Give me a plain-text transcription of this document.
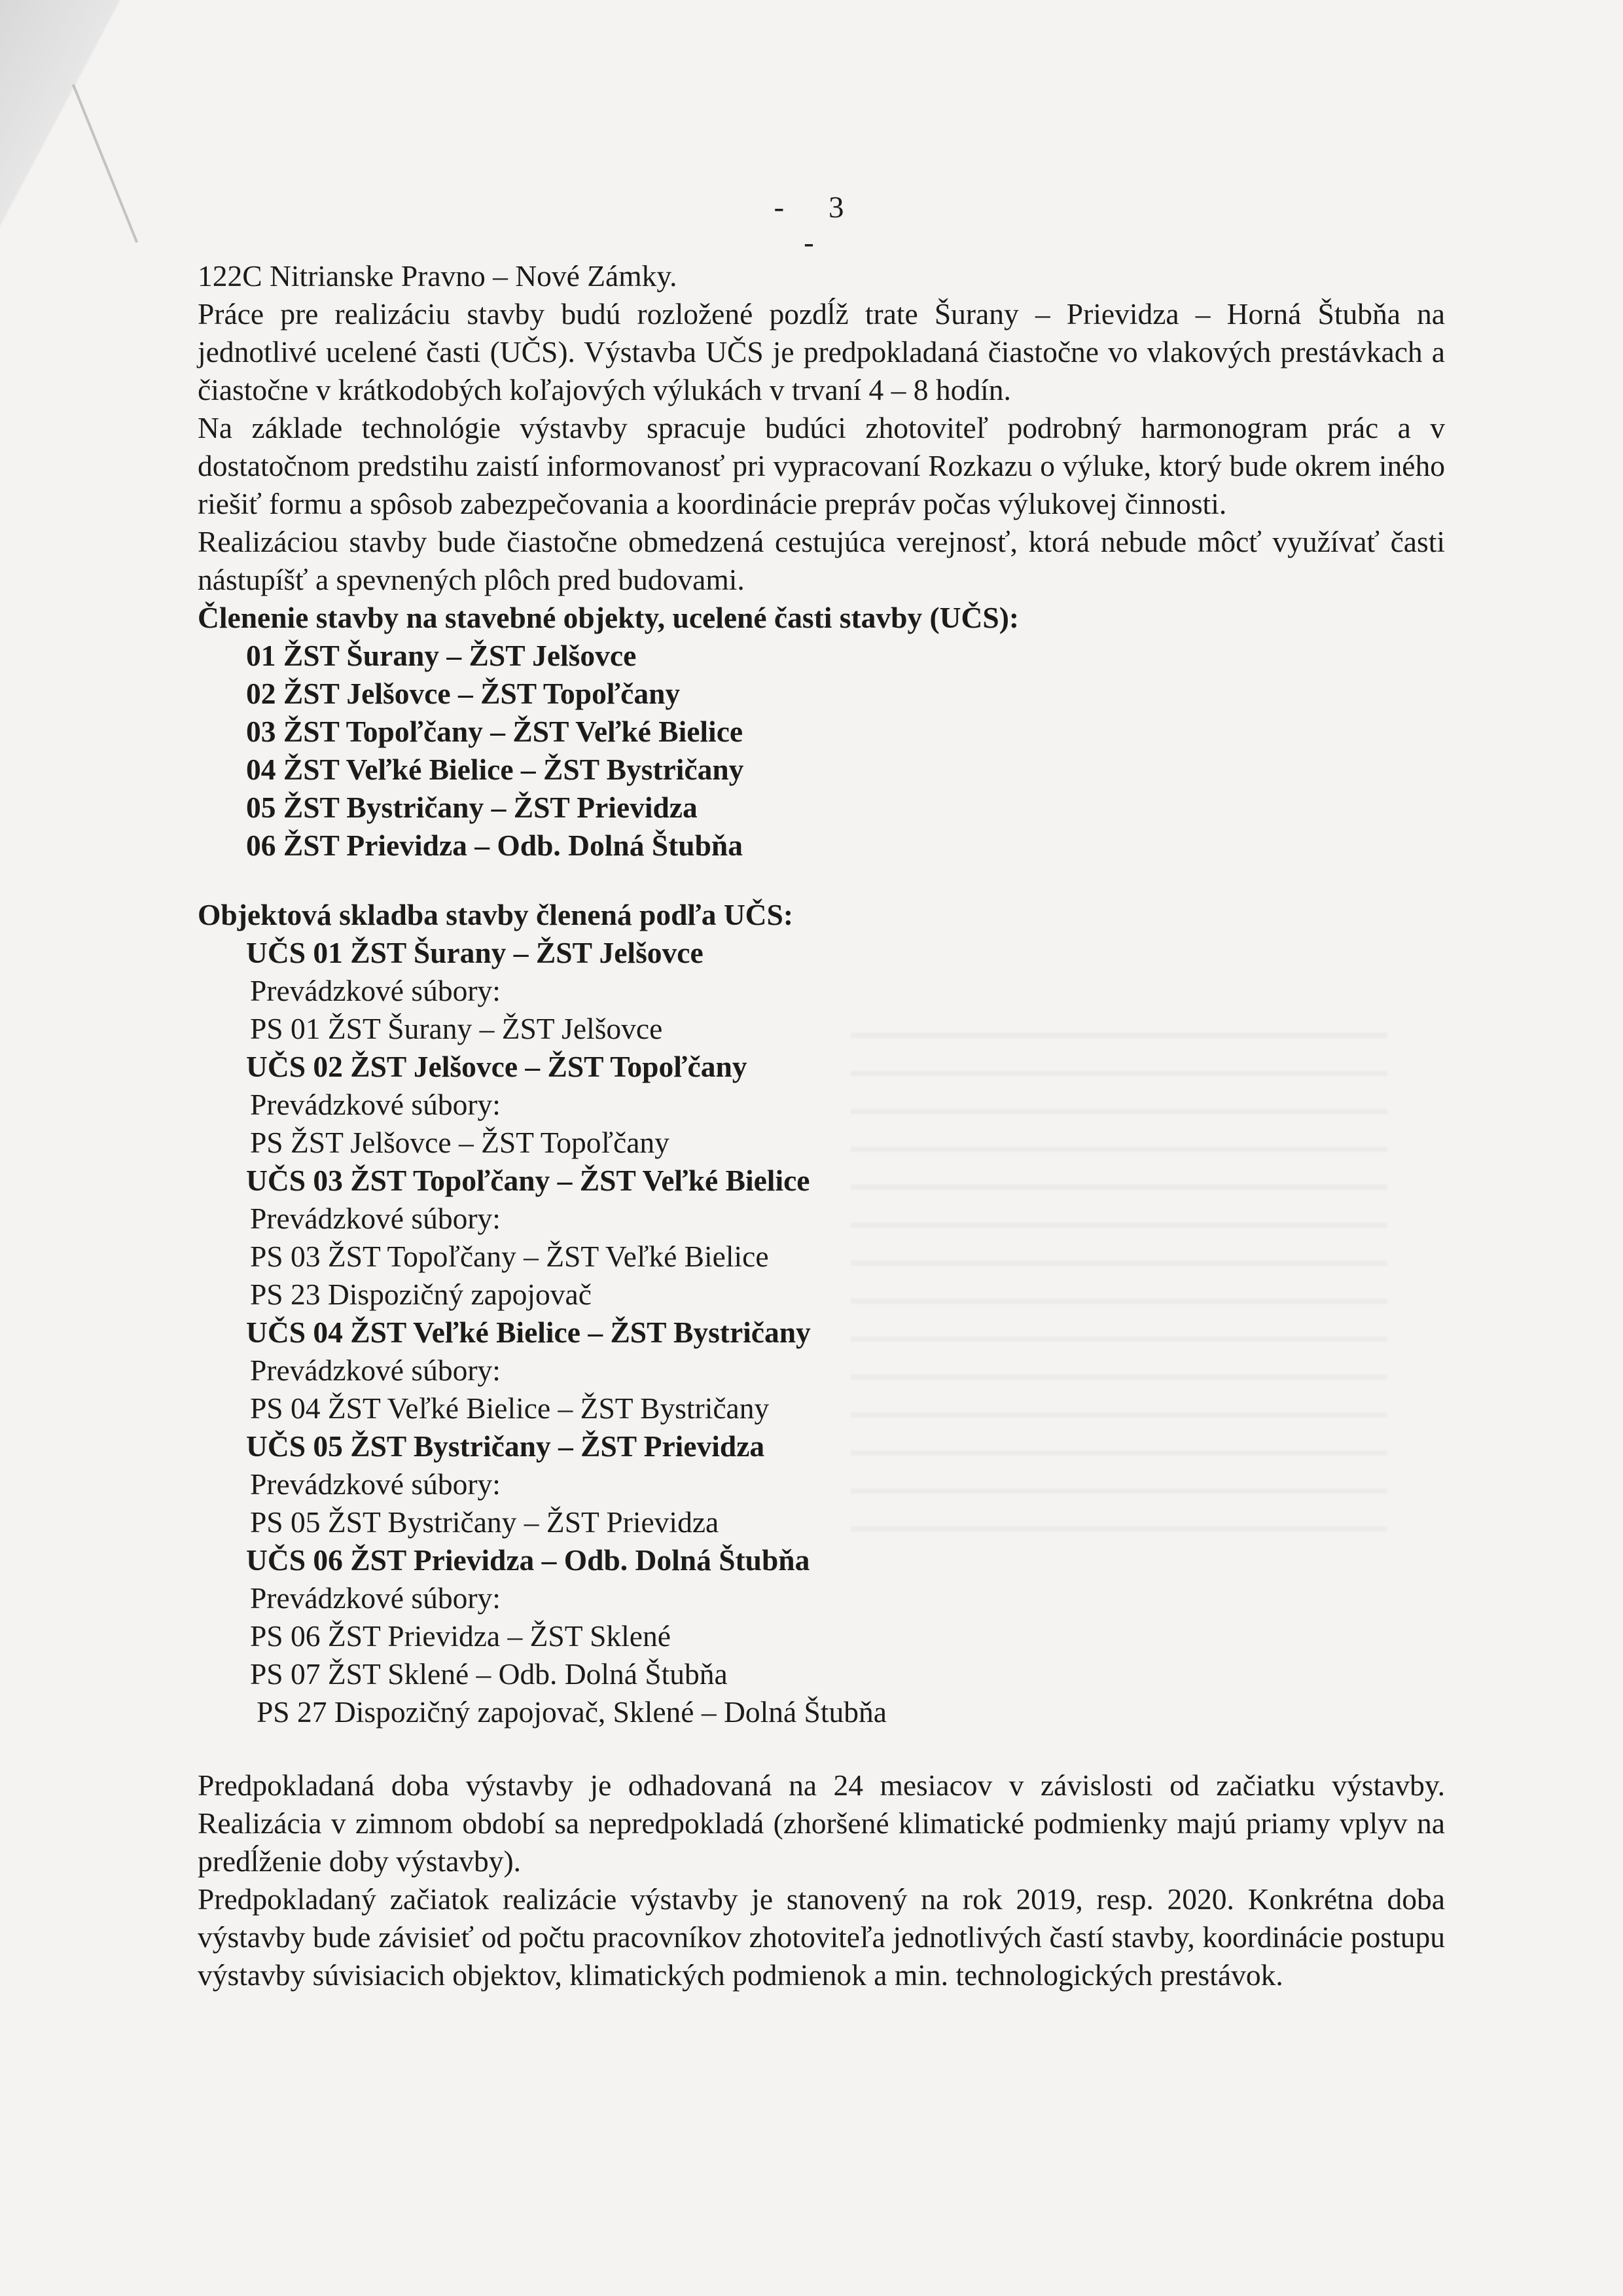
- 3 -

122C Nitrianske Pravno – Nové Zámky.

Práce pre realizáciu stavby budú rozložené pozdĺž trate Šurany – Prievidza – Horná Štubňa na jednotlivé ucelené časti (UČS). Výstavba UČS je predpokladaná čiastočne vo vlakových prestávkach a čiastočne v krátkodobých koľajových výlukách v trvaní 4 – 8 hodín.

Na základe technológie výstavby spracuje budúci zhotoviteľ podrobný harmonogram prác a v dostatočnom predstihu zaistí informovanosť pri vypracovaní Rozkazu o výluke, ktorý bude okrem iného riešiť formu a spôsob zabezpečovania a koordinácie prepráv počas výlukovej činnosti.

Realizáciou stavby bude čiastočne obmedzená cestujúca verejnosť, ktorá nebude môcť využívať časti nástupíšť a spevnených plôch pred budovami.

Členenie stavby na stavebné objekty, ucelené časti stavby (UČS):

01 ŽST Šurany – ŽST Jelšovce

02 ŽST Jelšovce – ŽST Topoľčany

03 ŽST Topoľčany – ŽST Veľké Bielice

04 ŽST Veľké Bielice – ŽST Bystričany

05 ŽST Bystričany – ŽST Prievidza

06 ŽST Prievidza – Odb. Dolná Štubňa

Objektová skladba stavby členená podľa UČS:

UČS 01 ŽST Šurany – ŽST Jelšovce

Prevádzkové súbory:

PS 01 ŽST Šurany – ŽST Jelšovce

UČS 02 ŽST Jelšovce – ŽST Topoľčany

Prevádzkové súbory:

PS ŽST Jelšovce – ŽST Topoľčany

UČS 03 ŽST Topoľčany – ŽST Veľké Bielice

Prevádzkové súbory:

PS 03 ŽST Topoľčany – ŽST Veľké Bielice

PS 23 Dispozičný zapojovač

UČS 04 ŽST Veľké Bielice – ŽST Bystričany

Prevádzkové súbory:

PS 04 ŽST Veľké Bielice – ŽST Bystričany

UČS 05 ŽST Bystričany – ŽST Prievidza

Prevádzkové súbory:

PS 05 ŽST Bystričany – ŽST Prievidza

UČS 06 ŽST Prievidza – Odb. Dolná Štubňa

Prevádzkové súbory:

PS 06 ŽST Prievidza – ŽST Sklené

PS 07 ŽST Sklené – Odb. Dolná Štubňa

PS 27 Dispozičný zapojovač, Sklené – Dolná Štubňa

Predpokladaná doba výstavby je odhadovaná na 24 mesiacov v závislosti od začiatku výstavby. Realizácia v zimnom období sa nepredpokladá (zhoršené klimatické podmienky majú priamy vplyv na predĺženie doby výstavby).

Predpokladaný začiatok realizácie výstavby je stanovený na rok 2019, resp. 2020. Konkrétna doba výstavby bude závisieť od počtu pracovníkov zhotoviteľa jednotlivých častí stavby, koordinácie postupu výstavby súvisiacich objektov, klimatických podmienok a min. technologických prestávok.
